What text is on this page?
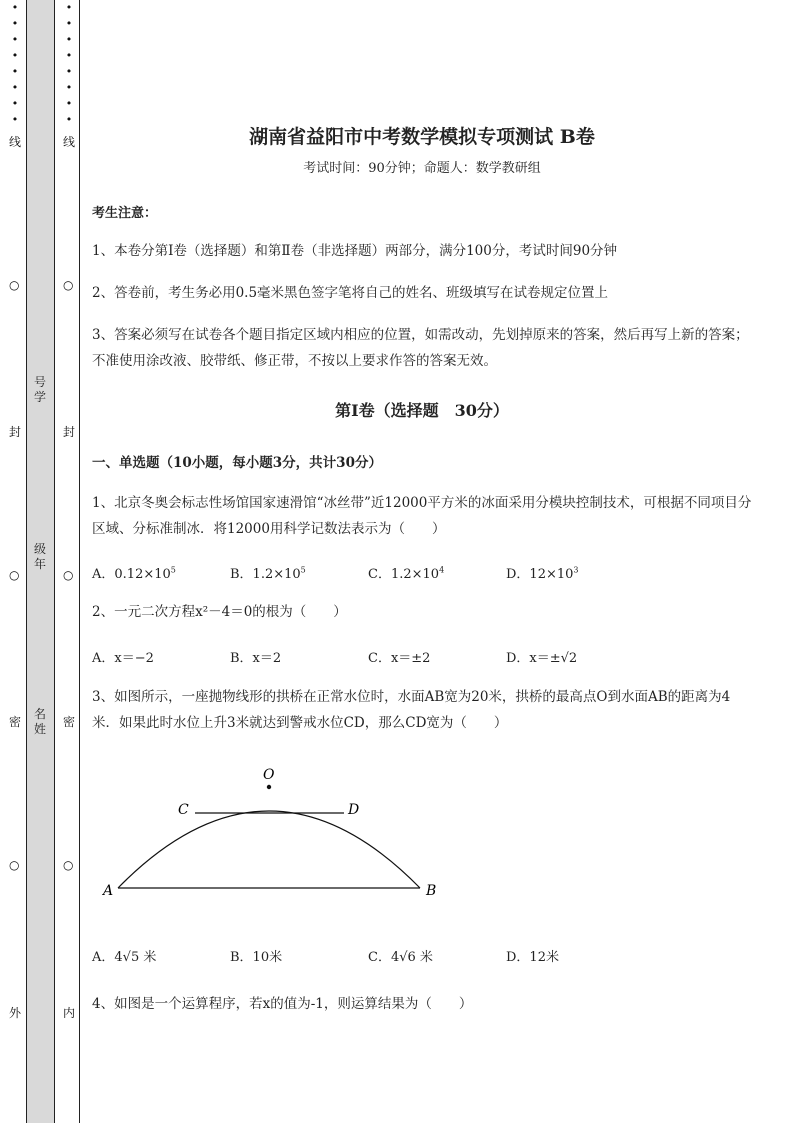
•
•
•
•
•
•
•
•

•
•
•
•
•
•
•
•

线
○
封
○
密
○
外
线
○
封
○
密
○
内
号
学
级
年
名
姓
湖南省益阳市中考数学模拟专项测试 B卷
考试时间：90分钟；命题人：数学教研组
考生注意：
1、本卷分第Ⅰ卷（选择题）和第Ⅱ卷（非选择题）两部分，满分100分，考试时间90分钟
2、答卷前，考生务必用0.5毫米黑色签字笔将自己的姓名、班级填写在试卷规定位置上
3、答案必须写在试卷各个题目指定区域内相应的位置，如需改动，先划掉原来的答案，然后再写上新的答案；不准使用涂改液、胶带纸、修正带，不按以上要求作答的答案无效。
第Ⅰ卷（选择题　30分）
一、单选题（10小题，每小题3分，共计30分）
1、北京冬奥会标志性场馆国家速滑馆“冰丝带”近12000平方米的冰面采用分模块控制技术，可根据不同项目分区域、分标准制冰．将12000用科学记数法表示为（　　）
A．$0.12\times 10^5$	B．$1.2\times 10^5$	C．$1.2\times 10^4$	D．$12\times 10^3$
2、一元二次方程x²－4＝0的根为（　　）
A．x＝−2	B．x＝2	C．x＝±2	D．x＝±√2
3、如图所示，一座抛物线形的拱桥在正常水位时，水面AB宽为20米，拱桥的最高点O到水面AB的距离为4米．如果此时水位上升3米就达到警戒水位CD，那么CD宽为（　　）
O
C	D
A	B
A．4√5 米	B．10米	C．4√6 米	D．12米
4、如图是一个运算程序，若x的值为-1，则运算结果为（　　）
